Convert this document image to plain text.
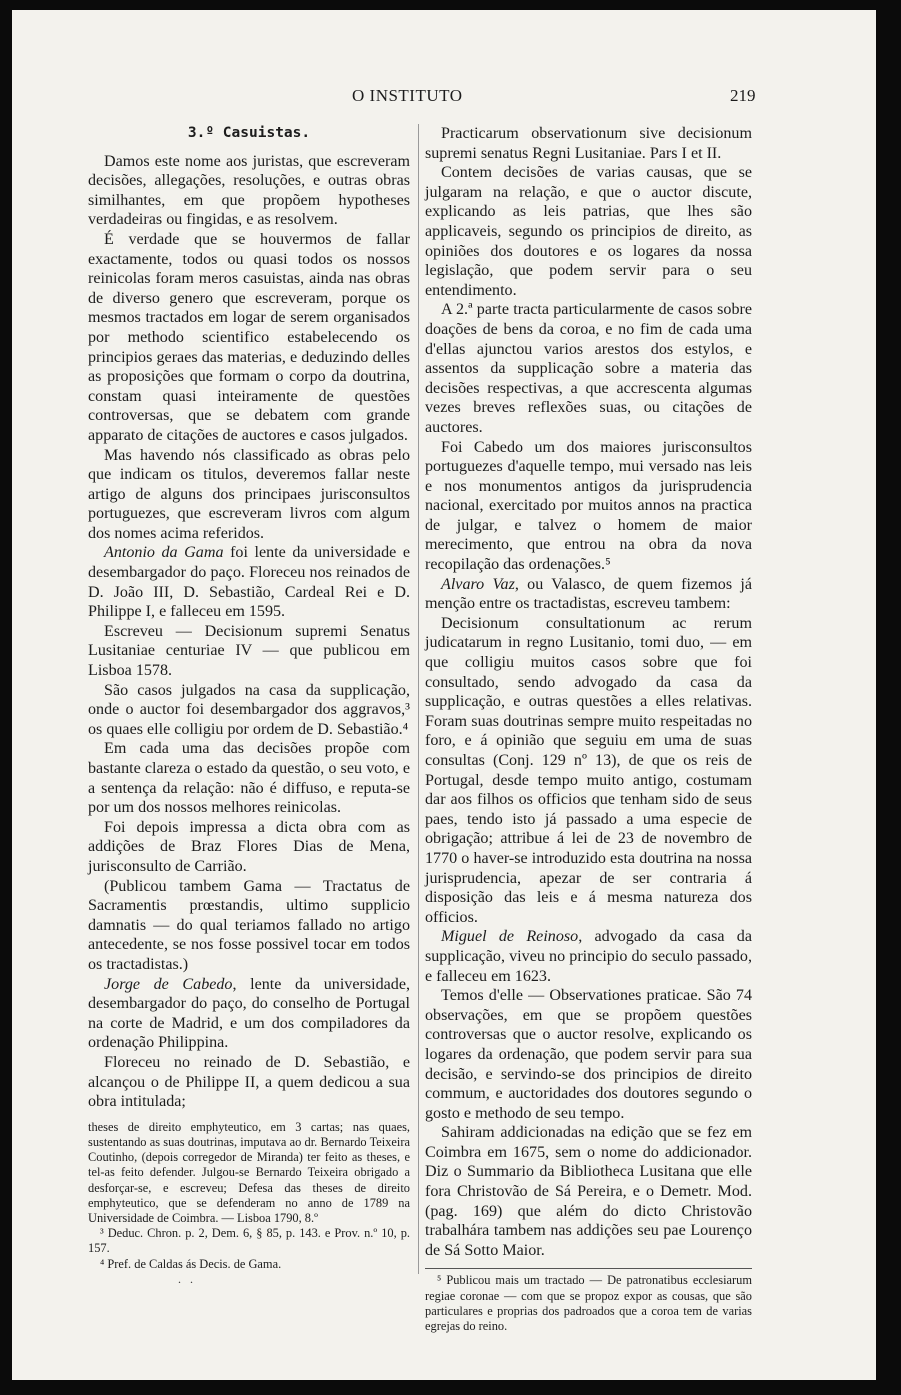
O INSTITUTO	219
3.º Casuistas.

Damos este nome aos juristas, que escreveram decisões, allegações, resoluções, e outras obras similhantes, em que propõem hypotheses verdadeiras ou fingidas, e as resolvem.

É verdade que se houvermos de fallar exactamente, todos ou quasi todos os nossos reinicolas foram meros casuistas, ainda nas obras de diverso genero que escreveram, porque os mesmos tractados em logar de serem organisados por methodo scientifico estabelecendo os principios geraes das materias, e deduzindo delles as proposições que formam o corpo da doutrina, constam quasi inteiramente de questões controversas, que se debatem com grande apparato de citações de auctores e casos julgados.

Mas havendo nós classificado as obras pelo que indicam os titulos, deveremos fallar neste artigo de alguns dos principaes jurisconsultos portuguezes, que escreveram livros com algum dos nomes acima referidos.

Antonio da Gama foi lente da universidade e desembargador do paço. Floreceu nos reinados de D. João III, D. Sebastião, Cardeal Rei e D. Philippe I, e falleceu em 1595.

Escreveu — Decisionum supremi Senatus Lusitaniae centuriae IV — que publicou em Lisboa 1578.

São casos julgados na casa da supplicação, onde o auctor foi desembargador dos aggravos,³ os quaes elle colligiu por ordem de D. Sebastião.⁴

Em cada uma das decisões propõe com bastante clareza o estado da questão, o seu voto, e a sentença da relação: não é diffuso, e reputa-se por um dos nossos melhores reinicolas.

Foi depois impressa a dicta obra com as addições de Braz Flores Dias de Mena, jurisconsulto de Carrião.

(Publicou tambem Gama — Tractatus de Sacramentis prœstandis, ultimo supplicio damnatis — do qual teriamos fallado no artigo antecedente, se nos fosse possivel tocar em todos os tractadistas.)

Jorge de Cabedo, lente da universidade, desembargador do paço, do conselho de Portugal na corte de Madrid, e um dos compiladores da ordenação Philippina.

Floreceu no reinado de D. Sebastião, e alcançou o de Philippe II, a quem dedicou a sua obra intitulada;

theses de direito emphyteutico, em 3 cartas; nas quaes, sustentando as suas doutrinas, imputava ao dr. Bernardo Teixeira Coutinho, (depois corregedor de Miranda) ter feito as theses, e tel-as feito defender. Julgou-se Bernardo Teixeira obrigado a desforçar-se, e escreveu; Defesa das theses de direito emphyteutico, que se defenderam no anno de 1789 na Universidade de Coimbra. — Lisboa 1790, 8.º

³ Deduc. Chron. p. 2, Dem. 6, § 85, p. 143. e Prov. n.º 10, p. 157.

⁴ Pref. de Caldas ás Decis. de Gama.

. .

Practicarum observationum sive decisionum supremi senatus Regni Lusitaniae. Pars I et II.

Contem decisões de varias causas, que se julgaram na relação, e que o auctor discute, explicando as leis patrias, que lhes são applicaveis, segundo os principios de direito, as opiniões dos doutores e os logares da nossa legislação, que podem servir para o seu entendimento.

A 2.ª parte tracta particularmente de casos sobre doações de bens da coroa, e no fim de cada uma d'ellas ajunctou varios arestos dos estylos, e assentos da supplicação sobre a materia das decisões respectivas, a que accrescenta algumas vezes breves reflexões suas, ou citações de auctores.

Foi Cabedo um dos maiores jurisconsultos portuguezes d'aquelle tempo, mui versado nas leis e nos monumentos antigos da jurisprudencia nacional, exercitado por muitos annos na practica de julgar, e talvez o homem de maior merecimento, que entrou na obra da nova recopilação das ordenações.⁵

Alvaro Vaz, ou Valasco, de quem fizemos já menção entre os tractadistas, escreveu tambem:

Decisionum consultationum ac rerum judicatarum in regno Lusitanio, tomi duo, — em que colligiu muitos casos sobre que foi consultado, sendo advogado da casa da supplicação, e outras questões a elles relativas. Foram suas doutrinas sempre muito respeitadas no foro, e á opinião que seguiu em uma de suas consultas (Conj. 129 nº 13), de que os reis de Portugal, desde tempo muito antigo, costumam dar aos filhos os officios que tenham sido de seus paes, tendo isto já passado a uma especie de obrigação; attribue á lei de 23 de novembro de 1770 o haver-se introduzido esta doutrina na nossa jurisprudencia, apezar de ser contraria á disposição das leis e á mesma natureza dos officios.

Miguel de Reinoso, advogado da casa da supplicação, viveu no principio do seculo passado, e falleceu em 1623.

Temos d'elle — Observationes praticae. São 74 observações, em que se propõem questões controversas que o auctor resolve, explicando os logares da ordenação, que podem servir para sua decisão, e servindo-se dos principios de direito commum, e auctoridades dos doutores segundo o gosto e methodo de seu tempo.

Sahiram addicionadas na edição que se fez em Coimbra em 1675, sem o nome do addicionador. Diz o Summario da Bibliotheca Lusitana que elle fora Christovão de Sá Pereira, e o Demetr. Mod. (pag. 169) que além do dicto Christovão trabalhára tambem nas addições seu pae Lourenço de Sá Sotto Maior.

⁵ Publicou mais um tractado — De patronatibus ecclesiarum regiae coronae — com que se propoz expor as cousas, que são particulares e proprias dos padroados que a coroa tem de varias egrejas do reino.
